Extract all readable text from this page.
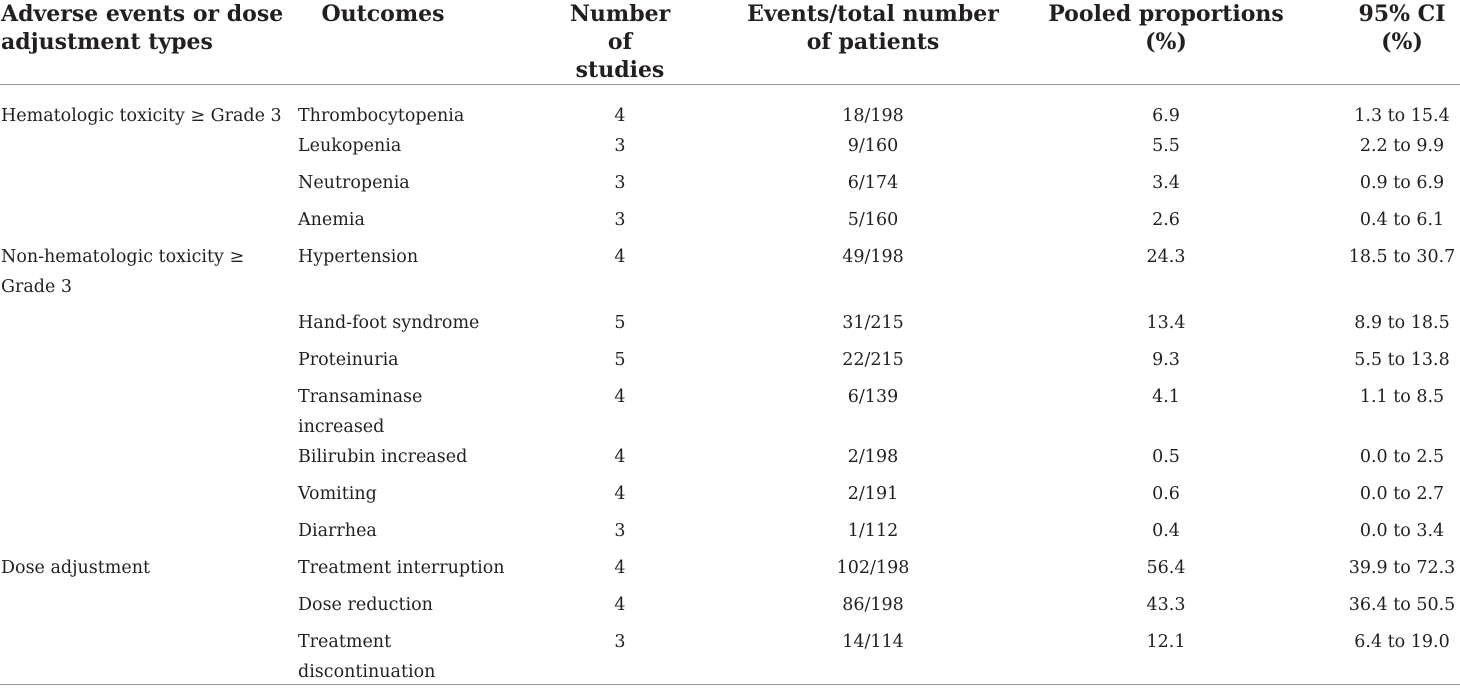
Adverse events or dose adjustment types	Outcomes	Number of studies	Events/total number of patients	Pooled proportions (%)	95% CI (%)
Hematologic toxicity ≥ Grade 3	Thrombocytopenia	4	18/198	6.9	1.3 to 15.4
	Leukopenia	3	9/160	5.5	2.2 to 9.9
	Neutropenia	3	6/174	3.4	0.9 to 6.9
	Anemia	3	5/160	2.6	0.4 to 6.1
Non-hematologic toxicity ≥ Grade 3	Hypertension	4	49/198	24.3	18.5 to 30.7
	Hand-foot syndrome	5	31/215	13.4	8.9 to 18.5
	Proteinuria	5	22/215	9.3	5.5 to 13.8
	Transaminase increased	4	6/139	4.1	1.1 to 8.5
	Bilirubin increased	4	2/198	0.5	0.0 to 2.5
	Vomiting	4	2/191	0.6	0.0 to 2.7
	Diarrhea	3	1/112	0.4	0.0 to 3.4
Dose adjustment	Treatment interruption	4	102/198	56.4	39.9 to 72.3
	Dose reduction	4	86/198	43.3	36.4 to 50.5
	Treatment discontinuation	3	14/114	12.1	6.4 to 19.0
